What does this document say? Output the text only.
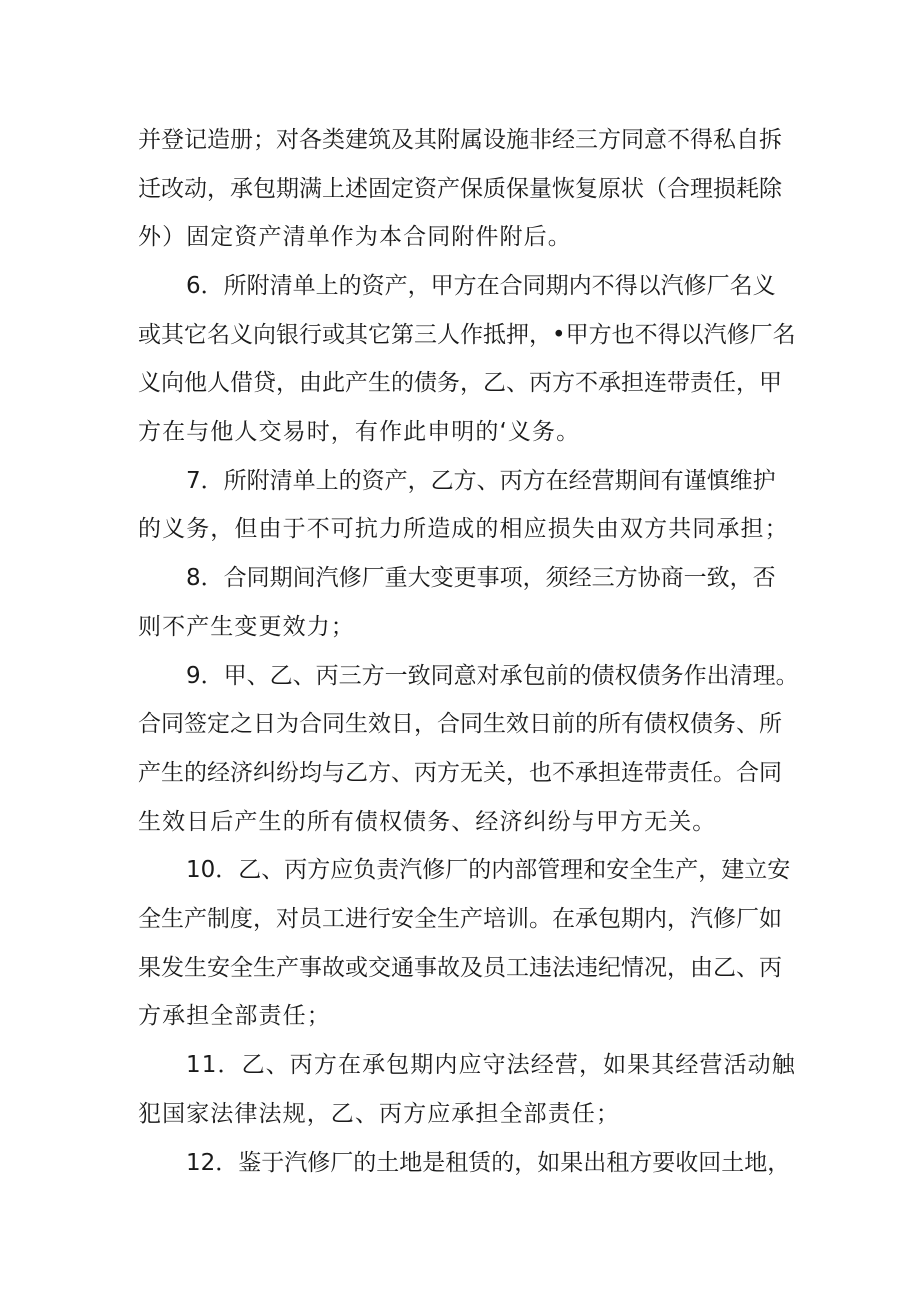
并登记造册；对各类建筑及其附属设施非经三方同意不得私自拆
迁改动，承包期满上述固定资产保质保量恢复原状（合理损耗除
外）固定资产清单作为本合同附件附后。
6．所附清单上的资产，甲方在合同期内不得以汽修厂名义
或其它名义向银行或其它第三人作抵押，•甲方也不得以汽修厂名
义向他人借贷，由此产生的债务，乙、丙方不承担连带责任，甲
方在与他人交易时，有作此申明的‘义务。
7．所附清单上的资产，乙方、丙方在经营期间有谨慎维护
的义务，但由于不可抗力所造成的相应损失由双方共同承担；
8．合同期间汽修厂重大变更事项，须经三方协商一致，否
则不产生变更效力；
9．甲、乙、丙三方一致同意对承包前的债权债务作出清理。
合同签定之日为合同生效日，合同生效日前的所有债权债务、所
产生的经济纠纷均与乙方、丙方无关，也不承担连带责任。合同
生效日后产生的所有债权债务、经济纠纷与甲方无关。
10．乙、丙方应负责汽修厂的内部管理和安全生产，建立安
全生产制度，对员工进行安全生产培训。在承包期内，汽修厂如
果发生安全生产事故或交通事故及员工违法违纪情况，由乙、丙
方承担全部责任；
11．乙、丙方在承包期内应守法经营，如果其经营活动触
犯国家法律法规，乙、丙方应承担全部责任；
12．鉴于汽修厂的土地是租赁的，如果出租方要收回土地，
